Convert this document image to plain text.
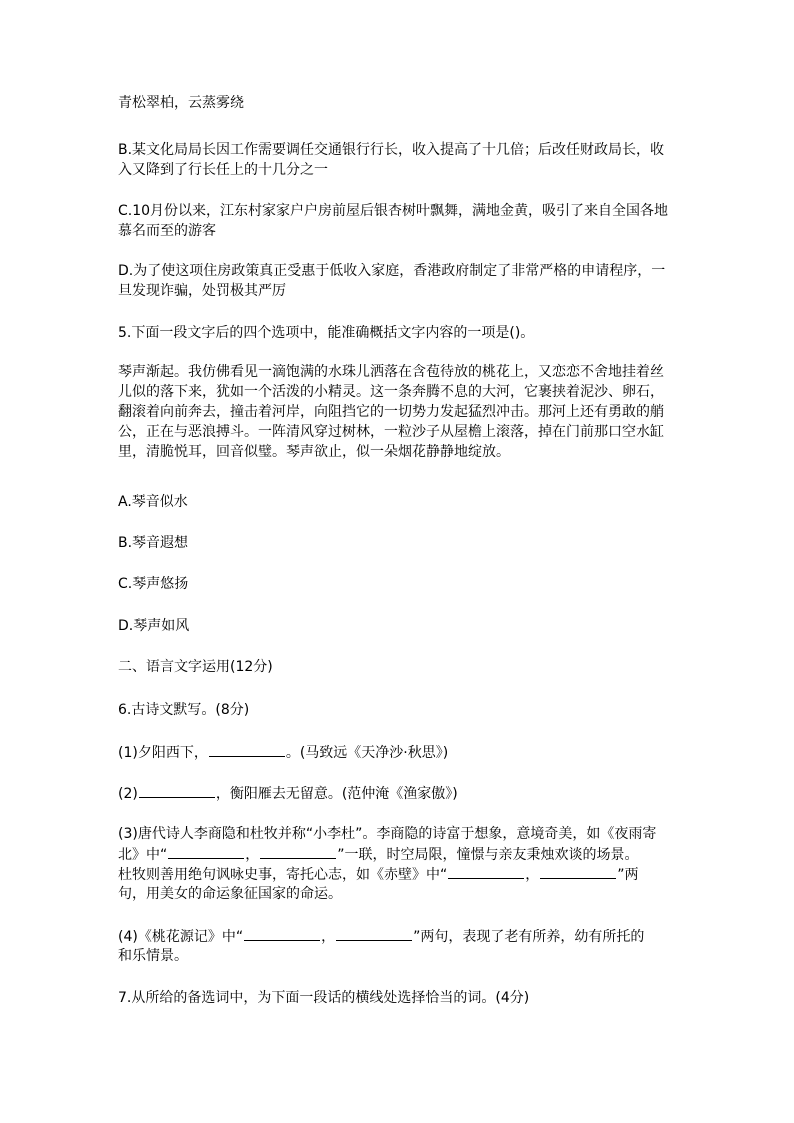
青松翠柏，云蒸雾绕
B.某文化局局长因工作需要调任交通银行行长，收入提高了十几倍；后改任财政局长，收
入又降到了行长任上的十几分之一
C.10月份以来，江东村家家户户房前屋后银杏树叶飘舞，满地金黄，吸引了来自全国各地
慕名而至的游客
D.为了使这项住房政策真正受惠于低收入家庭，香港政府制定了非常严格的申请程序，一
旦发现诈骗，处罚极其严厉
5.下面一段文字后的四个选项中，能准确概括文字内容的一项是()。
琴声渐起。我仿佛看见一滴饱满的水珠儿洒落在含苞待放的桃花上，又恋恋不舍地挂着丝
儿似的落下来，犹如一个活泼的小精灵。这一条奔腾不息的大河，它裹挟着泥沙、卵石，
翻滚着向前奔去，撞击着河岸，向阻挡它的一切势力发起猛烈冲击。那河上还有勇敢的艄
公，正在与恶浪搏斗。一阵清风穿过树林，一粒沙子从屋檐上滚落，掉在门前那口空水缸
里，清脆悦耳，回音似璧。琴声欲止，似一朵烟花静静地绽放。
A.琴音似水
B.琴音遐想
C.琴声悠扬
D.琴声如风
二、语言文字运用(12分)
6.古诗文默写。(8分)
(1)夕阳西下，	。(马致远《天净沙·秋思》)
(2)	，衡阳雁去无留意。(范仲淹《渔家傲》)
(3)唐代诗人李商隐和杜牧并称“小李杜”。李商隐的诗富于想象，意境奇美，如《夜雨寄
北》中“	，	”一联，时空局限，憧憬与亲友秉烛欢谈的场景。
杜牧则善用绝句讽咏史事，寄托心志，如《赤壁》中“	，	”两
句，用美女的命运象征国家的命运。
(4)《桃花源记》中“	，	”两句，表现了老有所养，幼有所托的
和乐情景。
7.从所给的备选词中，为下面一段话的横线处选择恰当的词。(4分)
